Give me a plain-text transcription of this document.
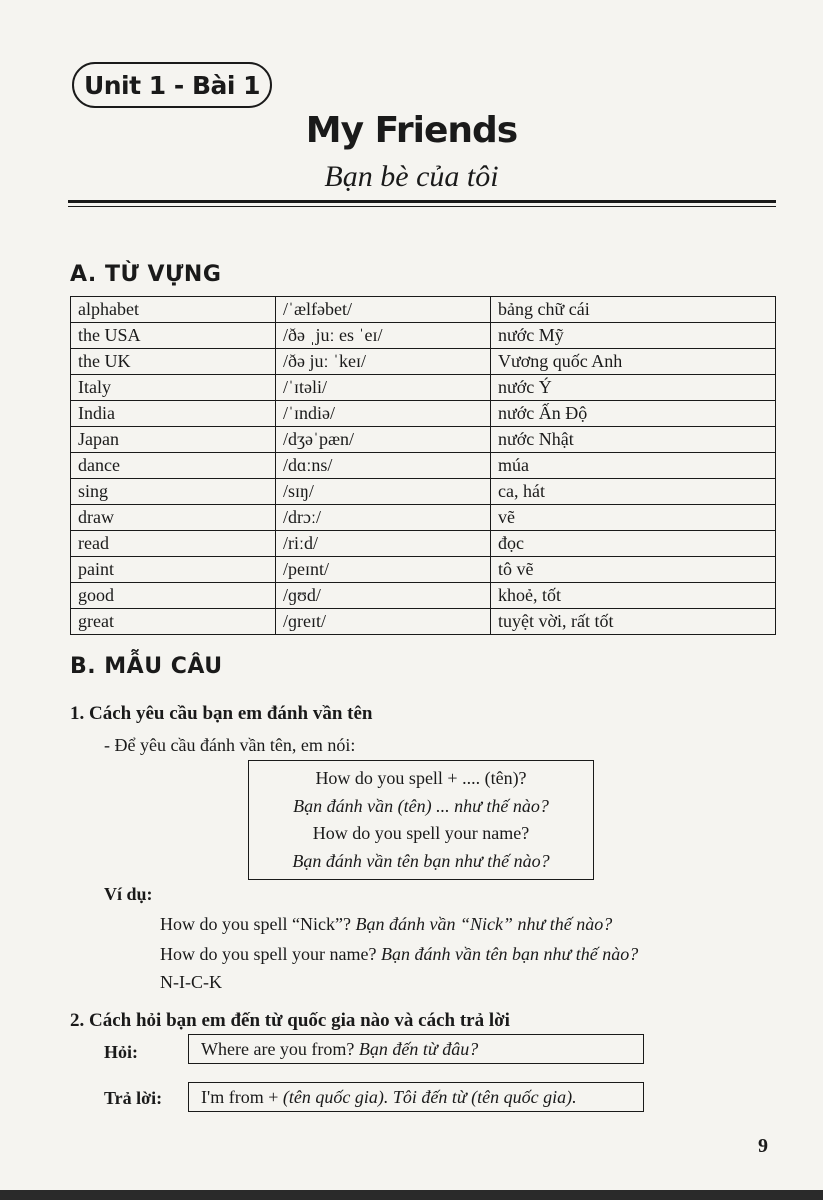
Unit 1 - Bài 1
My Friends
Bạn bè của tôi
A. TỪ VỰNG
alphabet	/ˈælfəbet/	bảng chữ cái
the USA	/ðə ˌjuː es ˈeɪ/	nước Mỹ
the UK	/ðə juː ˈkeɪ/	Vương quốc Anh
Italy	/ˈɪtəli/	nước Ý
India	/ˈɪndiə/	nước Ấn Độ
Japan	/dʒəˈpæn/	nước Nhật
dance	/dɑːns/	múa
sing	/sɪŋ/	ca, hát
draw	/drɔː/	vẽ
read	/riːd/	đọc
paint	/peɪnt/	tô vẽ
good	/ɡʊd/	khoẻ, tốt
great	/ɡreɪt/	tuyệt vời, rất tốt
B. MẪU CÂU
1. Cách yêu cầu bạn em đánh vần tên
- Để yêu cầu đánh vần tên, em nói:
How do you spell + .... (tên)?
Bạn đánh vần (tên) ... như thế nào?
How do you spell your name?
Bạn đánh vần tên bạn như thế nào?
Ví dụ:
How do you spell “Nick”? Bạn đánh vần “Nick” như thế nào?
How do you spell your name? Bạn đánh vần tên bạn như thế nào?
N-I-C-K
2. Cách hỏi bạn em đến từ quốc gia nào và cách trả lời
Hỏi:	Where are you from? Bạn đến từ đâu?
Trả lời:	I'm from + (tên quốc gia). Tôi đến từ (tên quốc gia).
9
